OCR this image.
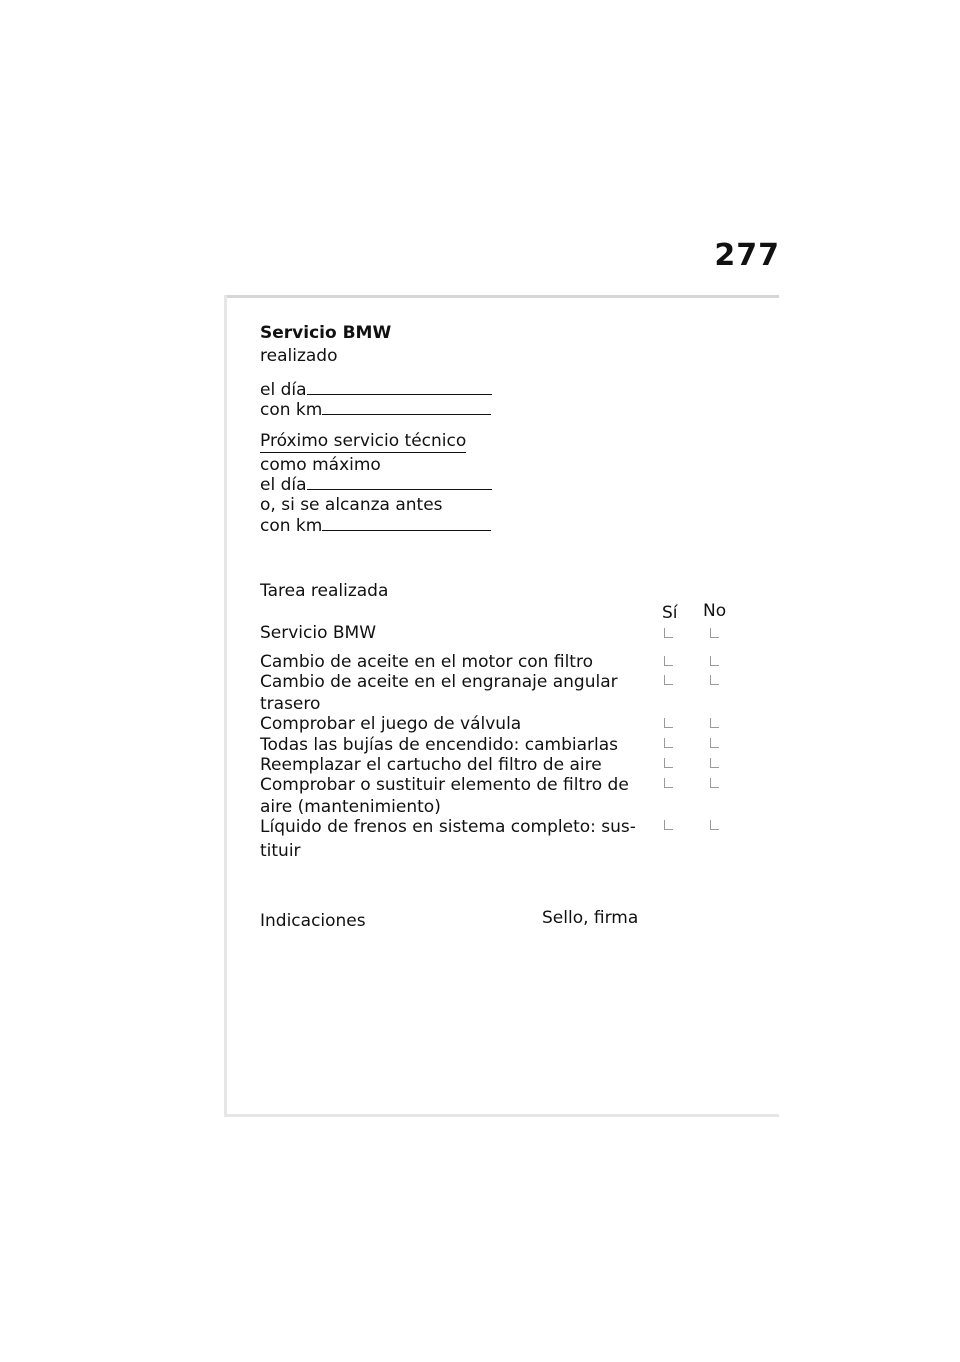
277
Servicio BMW
realizado
el día
con km
Próximo servicio técnico
como máximo
el día
o, si se alcanza antes
con km
Tarea realizada
Sí No
Servicio BMW
Cambio de aceite en el motor con filtro
Cambio de aceite en el engranaje angular
trasero
Comprobar el juego de válvula
Todas las bujías de encendido: cambiarlas
Reemplazar el cartucho del filtro de aire
Comprobar o sustituir elemento de filtro de
aire (mantenimiento)
Líquido de frenos en sistema completo: sus-
tituir
Indicaciones	Sello, firma
